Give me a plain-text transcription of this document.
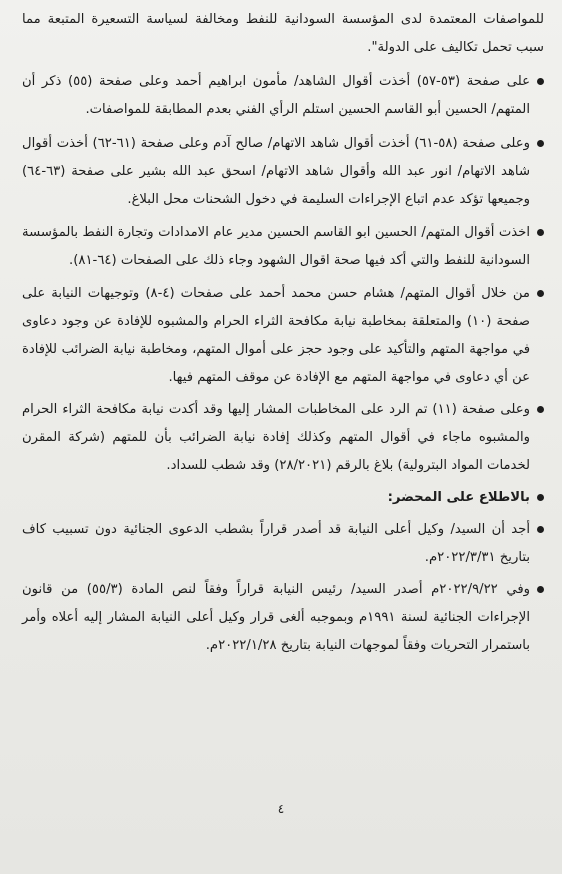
للمواصفات المعتمدة لدى المؤسسة السودانية للنفط ومخالفة لسياسة التسعيرة المتبعة مما سبب تحمل تكاليف على الدولة".

على صفحة (٥٣-٥٧) أخذت أقوال الشاهد/ مأمون ابراهيم أحمد وعلى صفحة (٥٥) ذكر أن المتهم/ الحسين أبو القاسم الحسين استلم الرأي الفني بعدم المطابقة للمواصفات.

وعلى صفحة (٥٨-٦١) أخذت أقوال شاهد الاتهام/ صالح آدم وعلى صفحة (٦١-٦٢) أخذت أقوال شاهد الاتهام/ انور عبد الله وأقوال شاهد الاتهام/ اسحق عبد الله بشير على صفحة (٦٣-٦٤) وجميعها تؤكد عدم اتباع الإجراءات السليمة في دخول الشحنات محل البلاغ.

اخذت أقوال المتهم/ الحسين ابو القاسم الحسين مدير عام الامدادات وتجارة النفط بالمؤسسة السودانية للنفط والتي أكد فيها صحة اقوال الشهود وجاء ذلك على الصفحات (٦٤-٨١).

من خلال أقوال المتهم/ هشام حسن محمد أحمد على صفحات (٤-٨) وتوجيهات النيابة على صفحة (١٠) والمتعلقة بمخاطبة نيابة مكافحة الثراء الحرام والمشبوه للإفادة عن وجود دعاوى في مواجهة المتهم والتأكيد على وجود حجز على أموال المتهم، ومخاطبة نيابة الضرائب للإفادة عن أي دعاوى في مواجهة المتهم مع الإفادة عن موقف المتهم فيها.

وعلى صفحة (١١) تم الرد على المخاطبات المشار إليها وقد أكدت نيابة مكافحة الثراء الحرام والمشبوه ماجاء في أقوال المتهم وكذلك إفادة نيابة الضرائب بأن للمتهم (شركة المقرن لخدمات المواد البترولية) بلاغ بالرقم (٢٨/٢٠٢١) وقد شطب للسداد.

بالاطلاع على المحضر:

أجد أن السيد/ وكيل أعلى النيابة قد أصدر قراراً بشطب الدعوى الجنائية دون تسبيب كاف بتاريخ ٢٠٢٢/٣/٣١م.

وفي ٢٠٢٢/٩/٢٢م أصدر السيد/ رئيس النيابة قراراً وفقاً لنص المادة (٥٥/٣) من قانون الإجراءات الجنائية لسنة ١٩٩١م وبموجبه ألغى قرار وكيل أعلى النيابة المشار إليه أعلاه وأمر باستمرار التحريات وفقاً لموجهات النيابة بتاريخ ٢٠٢٢/١/٢٨م.

٤
